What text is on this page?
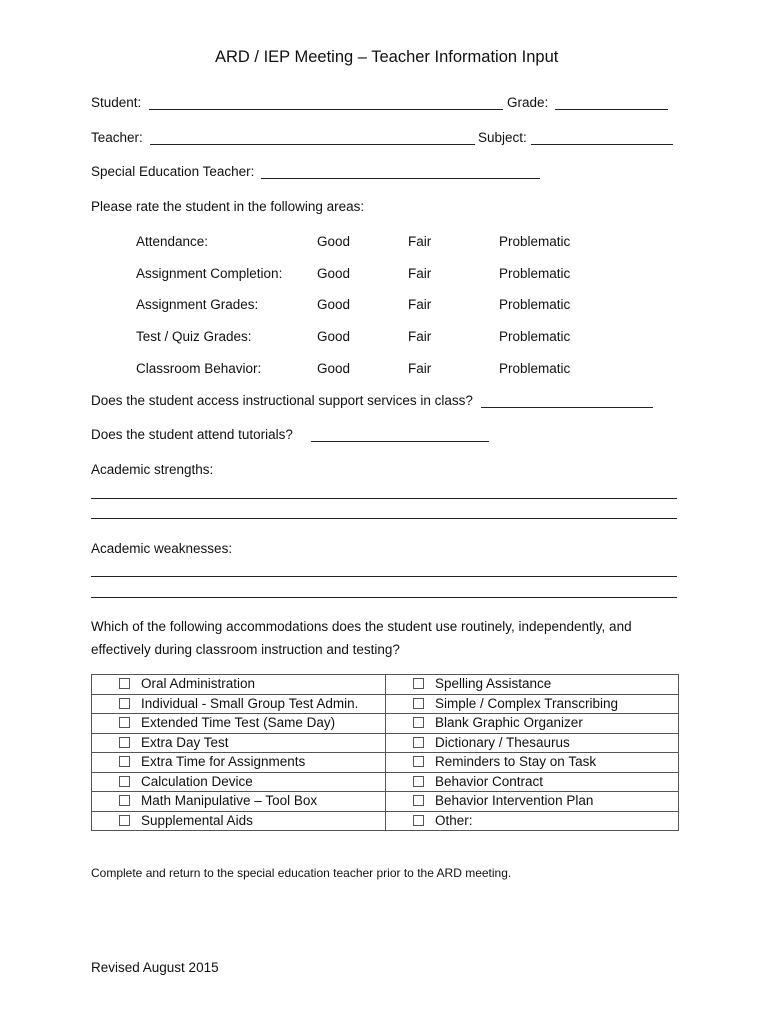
ARD / IEP Meeting – Teacher Information Input
Student:	Grade:
Teacher:	Subject:
Special Education Teacher:
Please rate the student in the following areas:
Attendance:	Good	Fair	Problematic
Assignment Completion:	Good	Fair	Problematic
Assignment Grades:	Good	Fair	Problematic
Test / Quiz Grades:	Good	Fair	Problematic
Classroom Behavior:	Good	Fair	Problematic
Does the student access instructional support services in class?
Does the student attend tutorials?
Academic strengths:
Academic weaknesses:
Which of the following accommodations does the student use routinely, independently, and
effectively during classroom instruction and testing?
Oral Administration	Spelling Assistance
Individual - Small Group Test Admin.	Simple / Complex Transcribing
Extended Time Test (Same Day)	Blank Graphic Organizer
Extra Day Test	Dictionary / Thesaurus
Extra Time for Assignments	Reminders to Stay on Task
Calculation Device	Behavior Contract
Math Manipulative – Tool Box	Behavior Intervention Plan
Supplemental Aids	Other:
Complete and return to the special education teacher prior to the ARD meeting.
Revised August 2015
